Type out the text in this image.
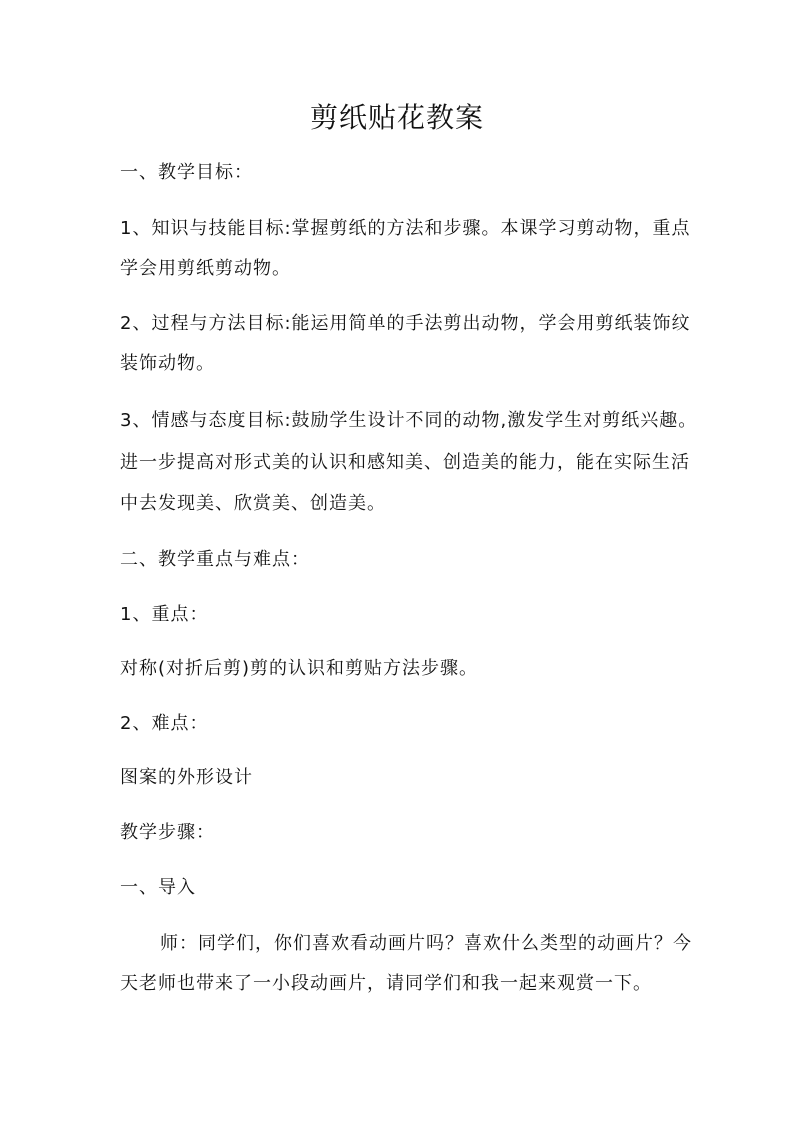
剪纸贴花教案
一、教学目标：
1、知识与技能目标:掌握剪纸的方法和步骤。本课学习剪动物，重点
学会用剪纸剪动物。
2、过程与方法目标:能运用简单的手法剪出动物，学会用剪纸装饰纹
装饰动物。
3、情感与态度目标:鼓励学生设计不同的动物,激发学生对剪纸兴趣。
进一步提高对形式美的认识和感知美、创造美的能力，能在实际生活
中去发现美、欣赏美、创造美。
二、教学重点与难点：
1、重点：
对称(对折后剪)剪的认识和剪贴方法步骤。
2、难点：
图案的外形设计
教学步骤：
一、导入
师：同学们，你们喜欢看动画片吗？喜欢什么类型的动画片？今
天老师也带来了一小段动画片，请同学们和我一起来观赏一下。
